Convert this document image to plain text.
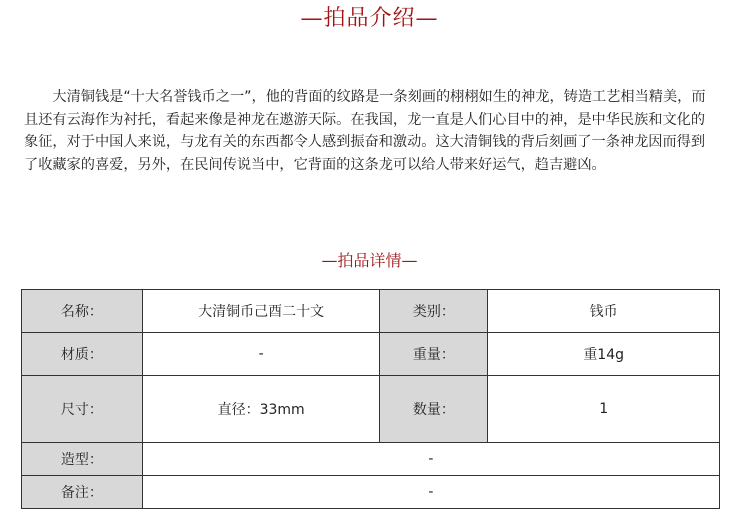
—拍品介绍—

大清铜钱是“十大名誉钱币之一”，他的背面的纹路是一条刻画的栩栩如生的神龙，铸造工艺相当精美，而且还有云海作为衬托，看起来像是神龙在遨游天际。在我国，龙一直是人们心目中的神，是中华民族和文化的象征，对于中国人来说，与龙有关的东西都令人感到振奋和激动。这大清铜钱的背后刻画了一条神龙因而得到了收藏家的喜爱，另外，在民间传说当中，它背面的这条龙可以给人带来好运气，趋吉避凶。

—拍品详情—
名称：	大清铜币己酉二十文	类别：	钱币
材质：	-	重量：	重14g
尺寸：	直径：33mm	数量：	1
造型：	-		
备注：	-		
